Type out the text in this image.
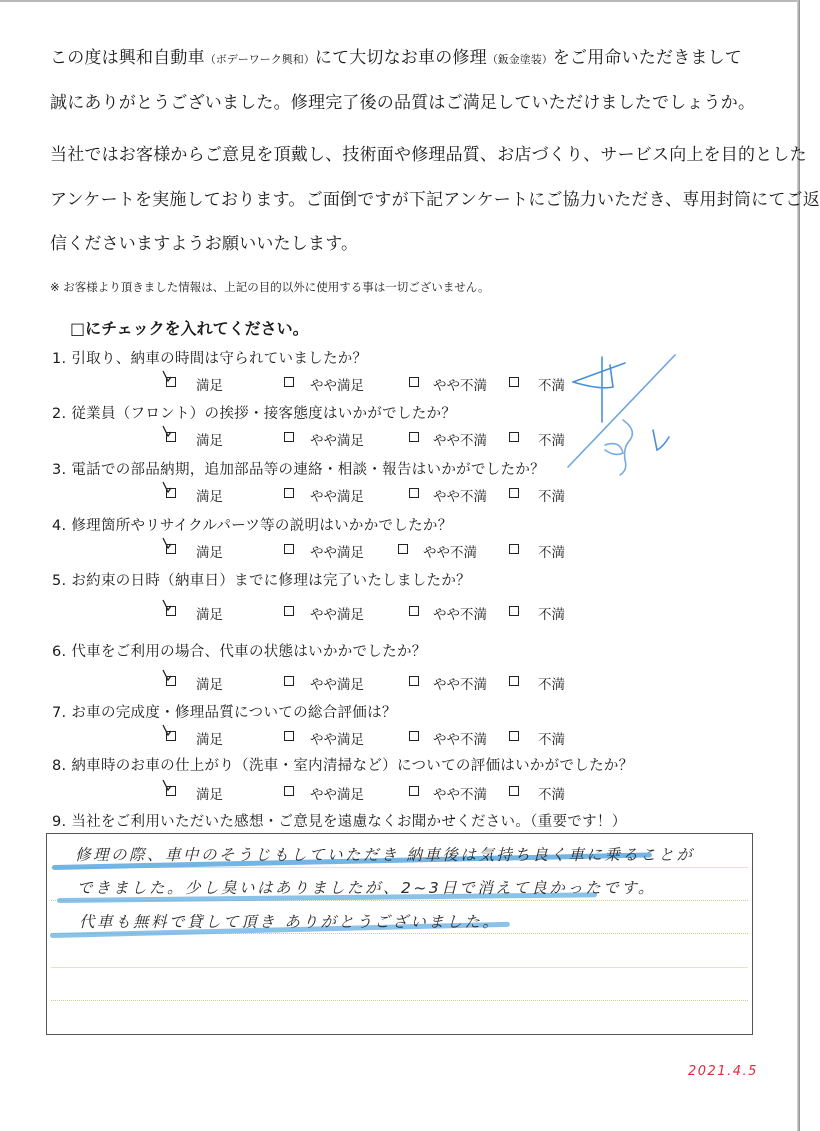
この度は興和自動車（ボデーワーク興和）にて大切なお車の修理（鈑金塗装）をご用命いただきまして
誠にありがとうございました。修理完了後の品質はご満足していただけましたでしょうか。
当社ではお客様からご意見を頂戴し、技術面や修理品質、お店づくり、サービス向上を目的とした
アンケートを実施しております。ご面倒ですが下記アンケートにご協力いただき、専用封筒にてご返
信くださいますようお願いいたします。
※ お客様より頂きました情報は、上記の目的以外に使用する事は一切ございません。
□にチェックを入れてください。
1. 引取り、納車の時間は守られていましたか？
満足	やや満足	やや不満	不満
2. 従業員（フロント）の挨拶・接客態度はいかがでしたか？
満足	やや満足	やや不満	不満
3. 電話での部品納期，追加部品等の連絡・相談・報告はいかがでしたか？
満足	やや満足	やや不満	不満
4. 修理箇所やリサイクルパーツ等の説明はいかかでしたか？
満足	やや満足	やや不満	不満
5. お約束の日時（納車日）までに修理は完了いたしましたか？
満足	やや満足	やや不満	不満
6. 代車をご利用の場合、代車の状態はいかかでしたか？
満足	やや満足	やや不満	不満
7. お車の完成度・修理品質についての総合評価は？
満足	やや満足	やや不満	不満
8. 納車時のお車の仕上がり（洗車・室内清掃など）についての評価はいかがでしたか？
満足	やや満足	やや不満	不満
9. 当社をご利用いただいた感想・ご意見を遠慮なくお聞かせください。（重要です！）
修理の際、車中のそうじもしていただき 納車後は気持ち良く車に乗ることが
できました。少し臭いはありましたが、2~3日で消えて良かったです。
代車も無料で貸して頂き ありがとうございました。
才ろし
2021.4.5
